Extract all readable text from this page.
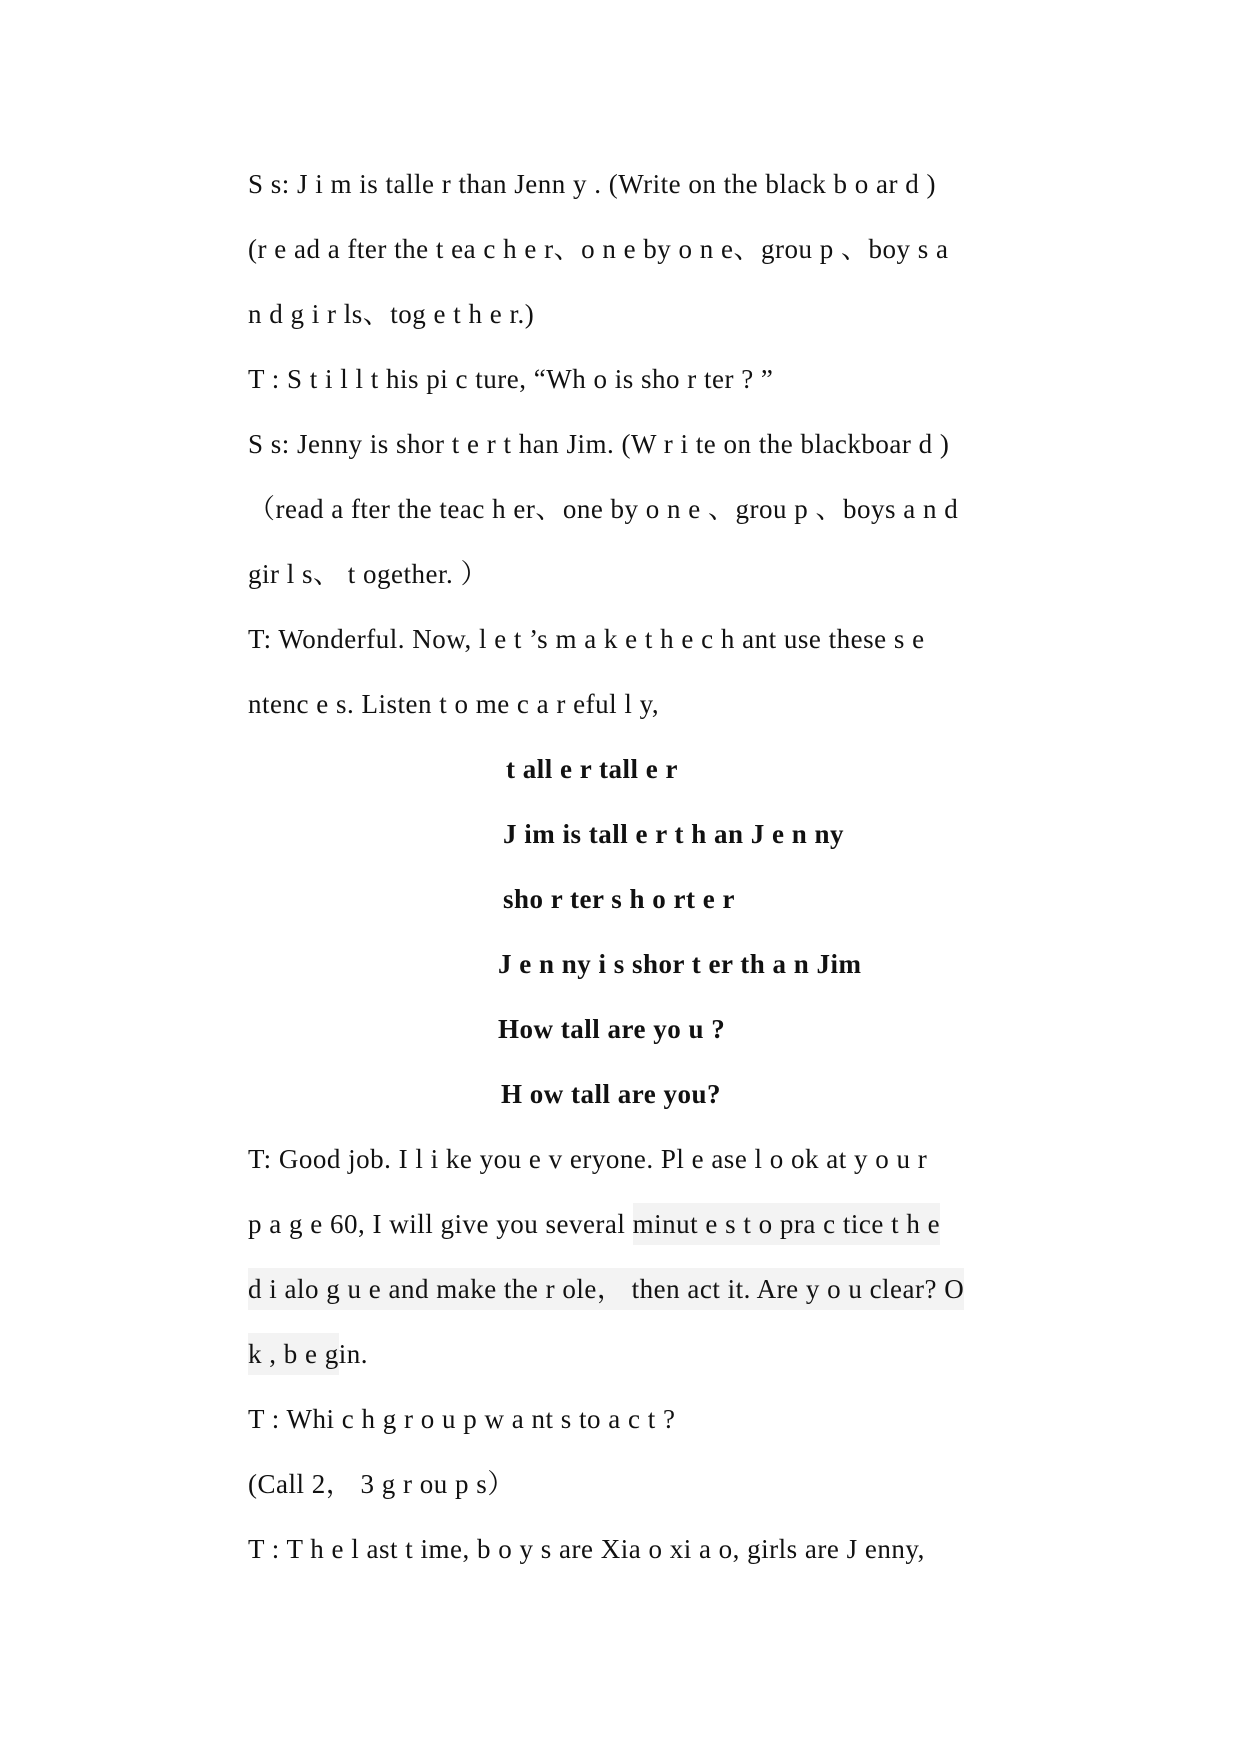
S s: J i m is talle r than Jenn y . (Write on the black b o ar d )
(r e ad a fter the t ea c h e r、o n e by o n e、grou p 、boy s a
n d g i r ls、tog e t h e r.)
T : S t i l l t his pi c ture, “Wh o is sho r ter ? ”
S s: Jenny is shor t e r t han Jim. (W r i te on the blackboar d )
（read a fter the teac h er、one by o n e 、grou p 、boys a n d
gir l s、 t ogether. ）
T: Wonderful. Now, l e t ’s m a k e t h e c h ant use these s e
ntenc e s. Listen t o me c a r eful l y,
t all e r tall e r
J im is tall e r t h an J e n ny
sho r ter s h o rt e r
J e n ny i s shor t er th a n Jim
How tall are yo u ?
H ow tall are you?
T: Good job. I l i ke you e v eryone. Pl e ase l o ok at y o u r
p a g e 60, I will give you several minut e s t o pra c tice t h e
d i alo g u e and make the r ole， then act it. Are y o u clear? O
k , b e gin.
T : Whi c h g r o u p w a nt s to a c t ?
(Call 2， 3 g r ou p s）
T : T h e l ast t ime, b o y s are Xia o xi a o, girls are J enny,
